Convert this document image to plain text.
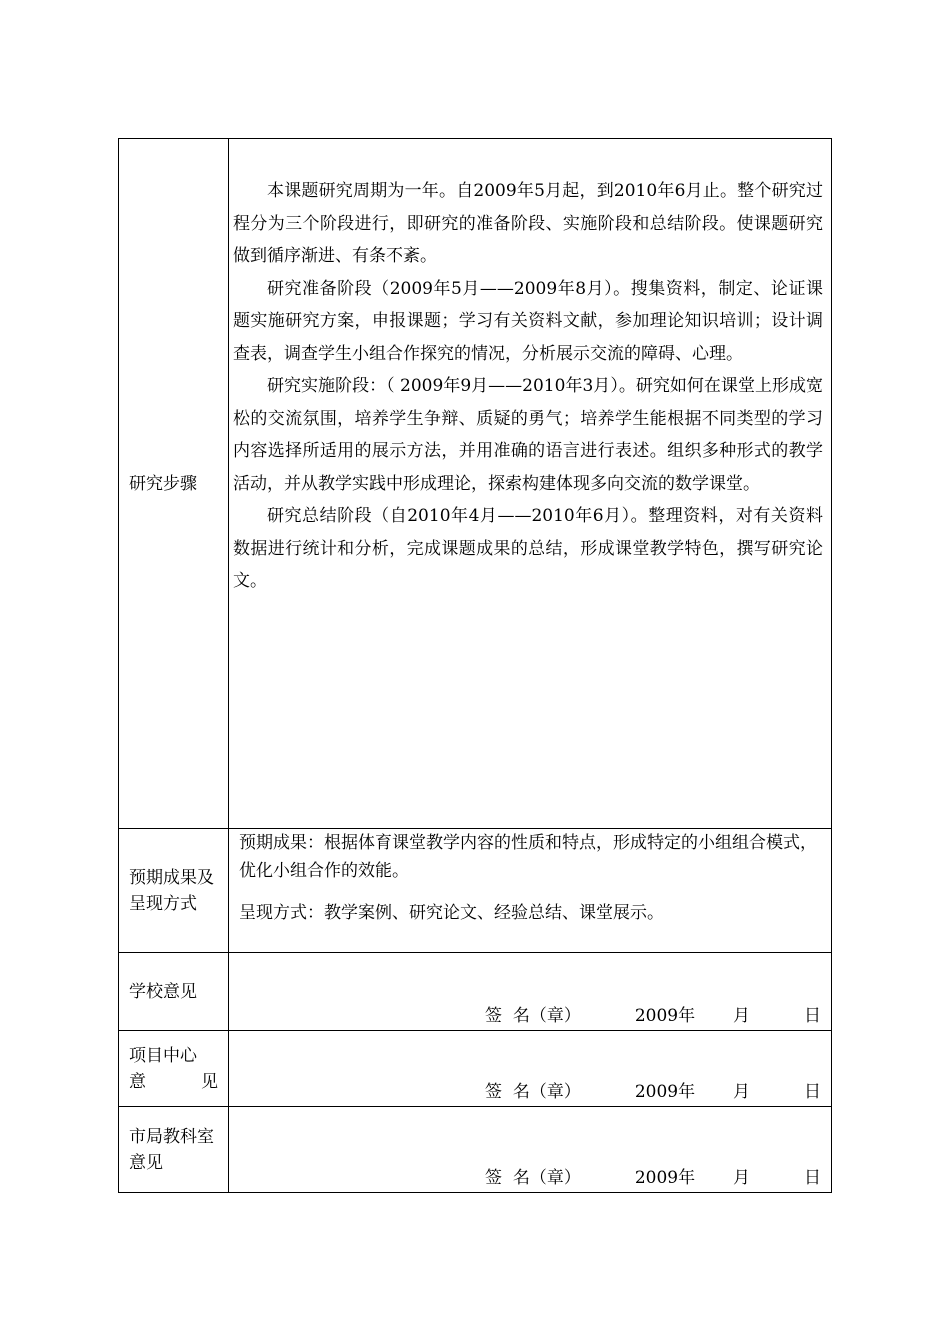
研究步骤	本课题研究周期为一年。自2009年5月起，到2010年6月止。整个研究过程分为三个阶段进行，即研究的准备阶段、实施阶段和总结阶段。使课题研究做到循序渐进、有条不紊。

研究准备阶段（2009年5月——2009年8月）。搜集资料，制定、论证课题实施研究方案，申报课题；学习有关资料文献，参加理论知识培训；设计调查表，调查学生小组合作探究的情况，分析展示交流的障碍、心理。

研究实施阶段：（ 2009年9月——2010年3月）。研究如何在课堂上形成宽松的交流氛围，培养学生争辩、质疑的勇气；培养学生能根据不同类型的学习内容选择所适用的展示方法，并用准确的语言进行表述。组织多种形式的教学活动，并从教学实践中形成理论，探索构建体现多向交流的数学课堂。

研究总结阶段（自2010年4月——2010年6月）。整理资料，对有关资料数据进行统计和分析，完成课题成果的总结，形成课堂教学特色，撰写研究论文。

预期成果及呈现方式	预期成果：根据体育课堂教学内容的性质和特点，形成特定的小组组合模式，优化小组合作的效能。

呈现方式：教学案例、研究论文、经验总结、课堂展示。

学校意见	签  名（章）          2009年       月          日

项目中心
意 见	签  名（章）          2009年       月          日

市局教科室意见	签  名（章）          2009年       月          日
